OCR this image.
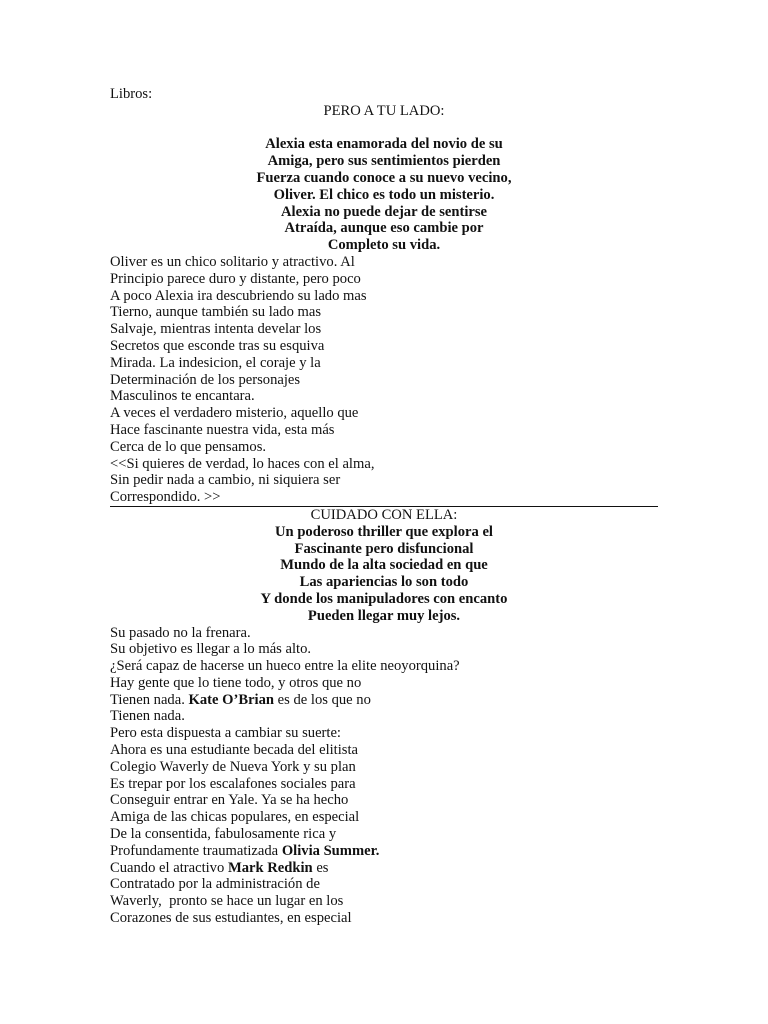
Libros:
PERO A TU LADO:
Alexia esta enamorada del novio de su
Amiga, pero sus sentimientos pierden
Fuerza cuando conoce a su nuevo vecino,
Oliver. El chico es todo un misterio.
Alexia no puede dejar de sentirse
Atraída, aunque eso cambie por
Completo su vida.
Oliver es un chico solitario y atractivo. Al
Principio parece duro y distante, pero poco
A poco Alexia ira descubriendo su lado mas
Tierno, aunque también su lado mas
Salvaje, mientras intenta develar los
Secretos que esconde tras su esquiva
Mirada. La indesicion, el coraje y la
Determinación de los personajes
Masculinos te encantara.
A veces el verdadero misterio, aquello que
Hace fascinante nuestra vida, esta más
Cerca de lo que pensamos.
<<Si quieres de verdad, lo haces con el alma,
Sin pedir nada a cambio, ni siquiera ser
Correspondido. >>
CUIDADO CON ELLA:
Un poderoso thriller que explora el
Fascinante pero disfuncional
Mundo de la alta sociedad en que
Las apariencias lo son todo
Y donde los manipuladores con encanto
Pueden llegar muy lejos.
Su pasado no la frenara.
Su objetivo es llegar a lo más alto.
¿Será capaz de hacerse un hueco entre la elite neoyorquina?
Hay gente que lo tiene todo, y otros que no
Tienen nada. Kate O’Brian es de los que no
Tienen nada.
Pero esta dispuesta a cambiar su suerte:
Ahora es una estudiante becada del elitista
Colegio Waverly de Nueva York y su plan
Es trepar por los escalafones sociales para
Conseguir entrar en Yale. Ya se ha hecho
Amiga de las chicas populares, en especial
De la consentida, fabulosamente rica y
Profundamente traumatizada Olivia Summer.
Cuando el atractivo Mark Redkin es
Contratado por la administración de
Waverly,  pronto se hace un lugar en los
Corazones de sus estudiantes, en especial
